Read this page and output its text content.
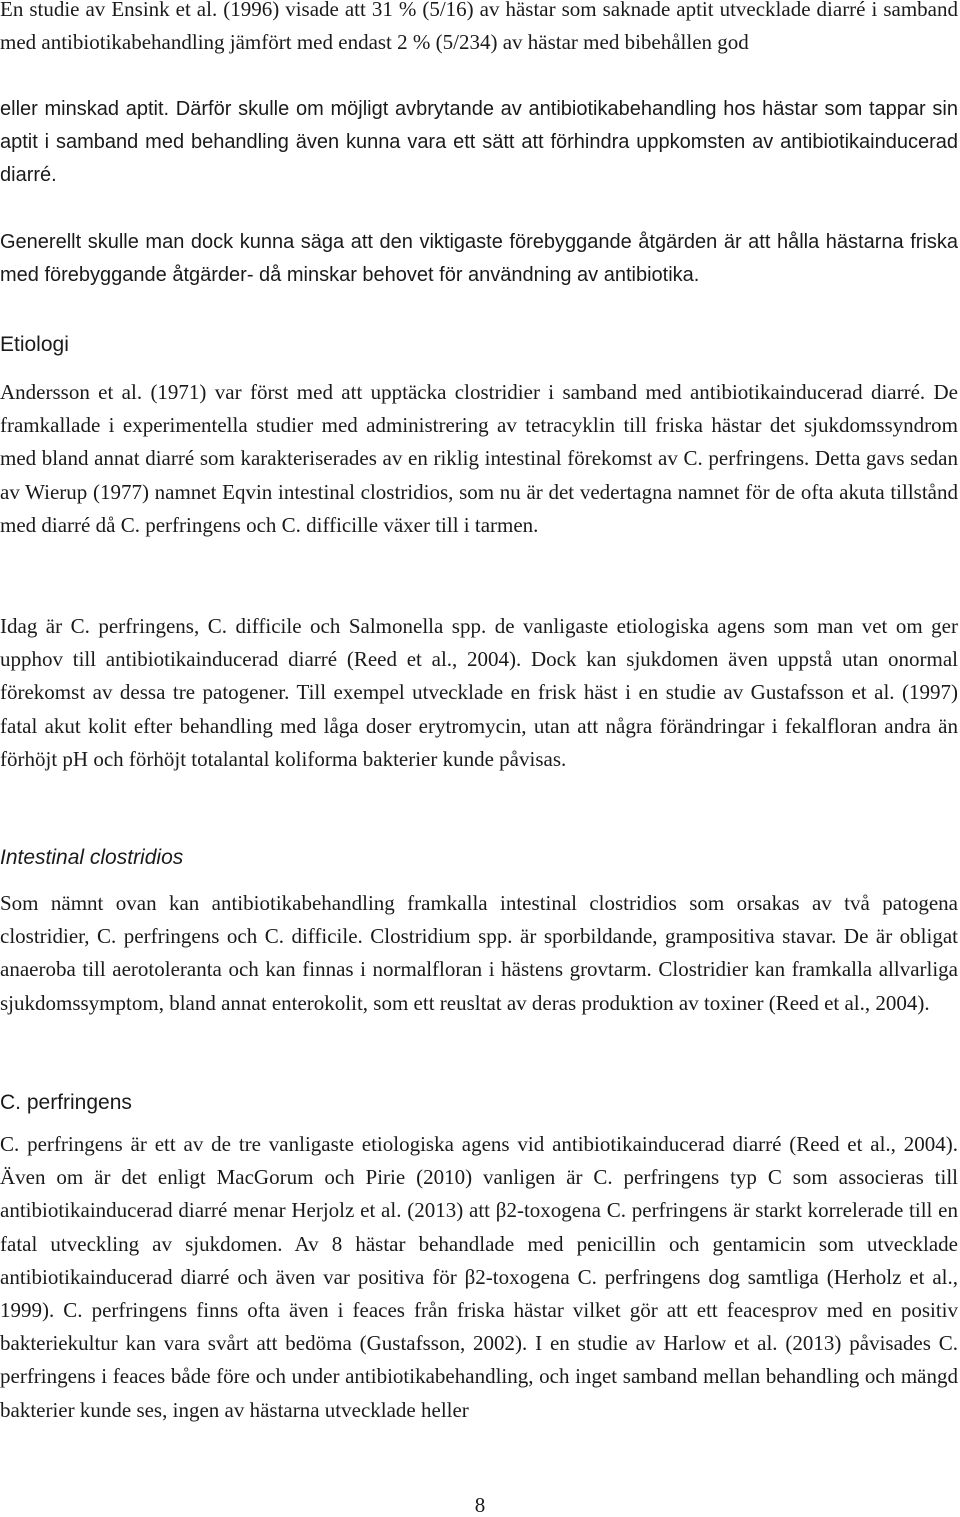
En studie av Ensink et al. (1996) visade att 31 % (5/16) av hästar som saknade aptit utvecklade diarré i samband med antibiotikabehandling jämfört med endast 2 % (5/234) av hästar med bibehållen god

eller minskad aptit. Därför skulle om möjligt avbrytande av antibiotikabehandling hos hästar som tappar sin aptit i samband med behandling även kunna vara ett sätt att förhindra uppkomsten av antibiotikainducerad diarré.

Generellt skulle man dock kunna säga att den viktigaste förebyggande åtgärden är att hålla hästarna friska med förebyggande åtgärder- då minskar behovet för användning av antibiotika.

Etiologi

Andersson et al. (1971) var först med att upptäcka clostridier i samband med antibiotikainducerad diarré. De framkallade i experimentella studier med administrering av tetracyklin till friska hästar det sjukdomssyndrom med bland annat diarré som karakteriserades av en riklig intestinal förekomst av C. perfringens. Detta gavs sedan av Wierup (1977) namnet Eqvin intestinal clostridios, som nu är det vedertagna namnet för de ofta akuta tillstånd med diarré då C. perfringens och C. difficille växer till i tarmen.

Idag är C. perfringens, C. difficile och Salmonella spp. de vanligaste etiologiska agens som man vet om ger upphov till antibiotikainducerad diarré (Reed et al., 2004). Dock kan sjukdomen även uppstå utan onormal förekomst av dessa tre patogener. Till exempel utvecklade en frisk häst i en studie av Gustafsson et al. (1997) fatal akut kolit efter behandling med låga doser erytromycin, utan att några förändringar i fekalfloran andra än förhöjt pH och förhöjt totalantal koliforma bakterier kunde påvisas.

Intestinal clostridios

Som nämnt ovan kan antibiotikabehandling framkalla intestinal clostridios som orsakas av två patogena clostridier, C. perfringens och C. difficile. Clostridium spp. är sporbildande, grampositiva stavar. De är obligat anaeroba till aerotoleranta och kan finnas i normalfloran i hästens grovtarm. Clostridier kan framkalla allvarliga sjukdomssymptom, bland annat enterokolit, som ett reusltat av deras produktion av toxiner (Reed et al., 2004).

C. perfringens

C. perfringens är ett av de tre vanligaste etiologiska agens vid antibiotikainducerad diarré (Reed et al., 2004). Även om är det enligt MacGorum och Pirie (2010) vanligen är C. perfringens typ C som associeras till antibiotikainducerad diarré menar Herjolz et al. (2013) att β2-toxogena C. perfringens är starkt korrelerade till en fatal utveckling av sjukdomen. Av 8 hästar behandlade med penicillin och gentamicin som utvecklade antibiotikainducerad diarré och även var positiva för β2-toxogena C. perfringens dog samtliga (Herholz et al., 1999). C. perfringens finns ofta även i feaces från friska hästar vilket gör att ett feacesprov med en positiv bakteriekultur kan vara svårt att bedöma (Gustafsson, 2002). I en studie av Harlow et al. (2013) påvisades C. perfringens i feaces både före och under antibiotikabehandling, och inget samband mellan behandling och mängd bakterier kunde ses, ingen av hästarna utvecklade heller

8
